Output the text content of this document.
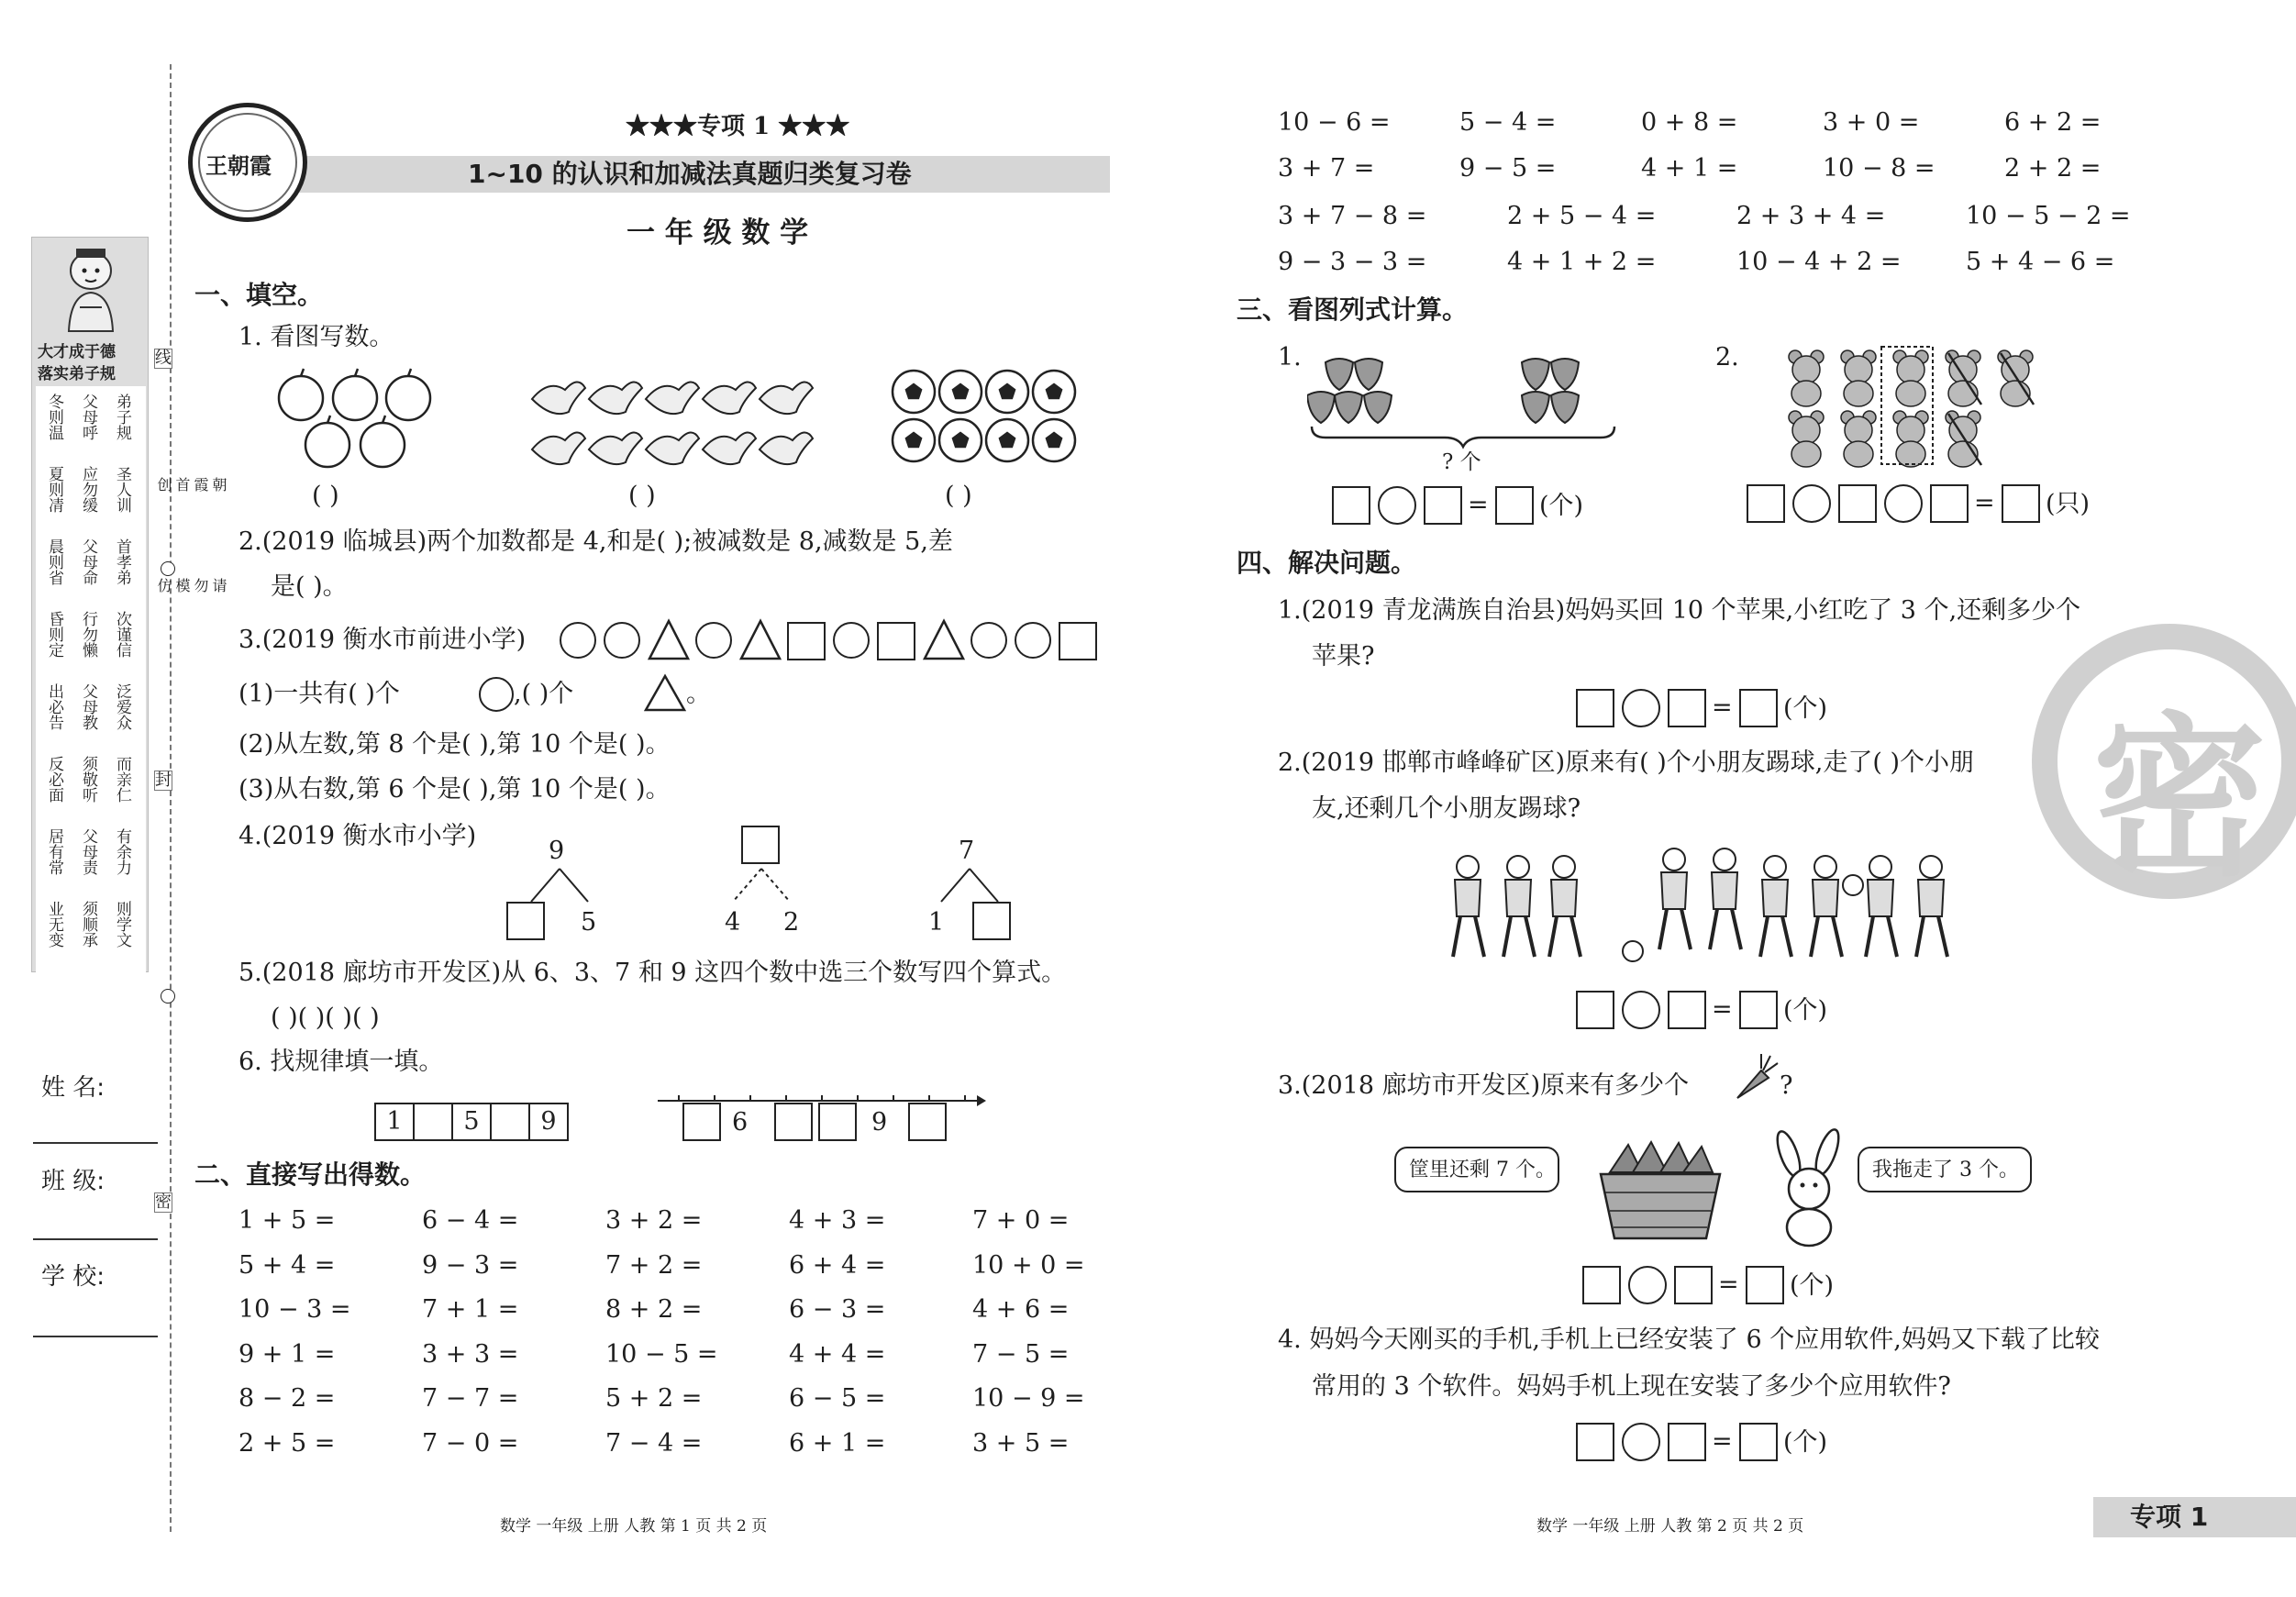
大才成于德
落实弟子规
冬则温 父母呼 弟子规
夏则凊 应勿缓 圣人训
晨则省 父母命 首孝弟
昏则定 行勿懒 次谨信
出必告 父母教 泛爱众
反必面 须敬听 而亲仁
居有常 父母责 有余力
业无变 须顺承 则学文
线
朝霞首创
请勿模仿
封
密
姓 名:
班 级:
学 校:
王朝霞
★★★专项 1 ★★★
1~10 的认识和加减法真题归类复习卷
一 年 级 数 学
一、填空。
1. 看图写数。
( )	( )	( )
2.(2019 临城县)两个加数都是 4,和是( );被减数是 8,减数是 5,差
是( )。
3.(2019 衡水市前进小学)
(1)一共有( )个	,( )个	。
(2)从左数,第 8 个是( ),第 10 个是( )。
(3)从右数,第 6 个是( ),第 10 个是( )。
4.(2019 衡水市小学)
9
5	4 2
7
1
5.(2018 廊坊市开发区)从 6、3、7 和 9 这四个数中选三个数写四个算式。
( )( )( )( )
6. 找规律填一填。
1	5	9	6	9
二、直接写出得数。
1 + 5 =	6 − 4 =	3 + 2 =	4 + 3 =	7 + 0 =
5 + 4 =	9 − 3 =	7 + 2 =	6 + 4 =	10 + 0 =
10 − 3 =	7 + 1 =	8 + 2 =	6 − 3 =	4 + 6 =
9 + 1 =	3 + 3 =	10 − 5 =	4 + 4 =	7 − 5 =
8 − 2 =	7 − 7 =	5 + 2 =	6 − 5 =	10 − 9 =
2 + 5 =	7 − 0 =	7 − 4 =	6 + 1 =	3 + 5 =
数学 一年级 上册 人教 第 1 页 共 2 页
10 − 6 =	5 − 4 =	0 + 8 =	3 + 0 =	6 + 2 =
3 + 7 =	9 − 5 =	4 + 1 =	10 − 8 =	2 + 2 =
3 + 7 − 8 =	2 + 5 − 4 =	2 + 3 + 4 =	10 − 5 − 2 =
9 − 3 − 3 =	4 + 1 + 2 =	10 − 4 + 2 =	5 + 4 − 6 =
三、看图列式计算。
1.
? 个
= (个)
2.
= (只)
四、解决问题。
1.(2019 青龙满族自治县)妈妈买回 10 个苹果,小红吃了 3 个,还剩多少个
苹果?
= (个)
2.(2019 邯郸市峰峰矿区)原来有( )个小朋友踢球,走了( )个小朋
友,还剩几个小朋友踢球?
= (个)
3.(2018 廊坊市开发区)原来有多少个	?
筐里还剩 7 个。	我拖走了 3 个。
= (个)
4. 妈妈今天刚买的手机,手机上已经安装了 6 个应用软件,妈妈又下载了比较
常用的 3 个软件。妈妈手机上现在安装了多少个应用软件?
= (个)
密
数学 一年级 上册 人教 第 2 页 共 2 页	专项 1
